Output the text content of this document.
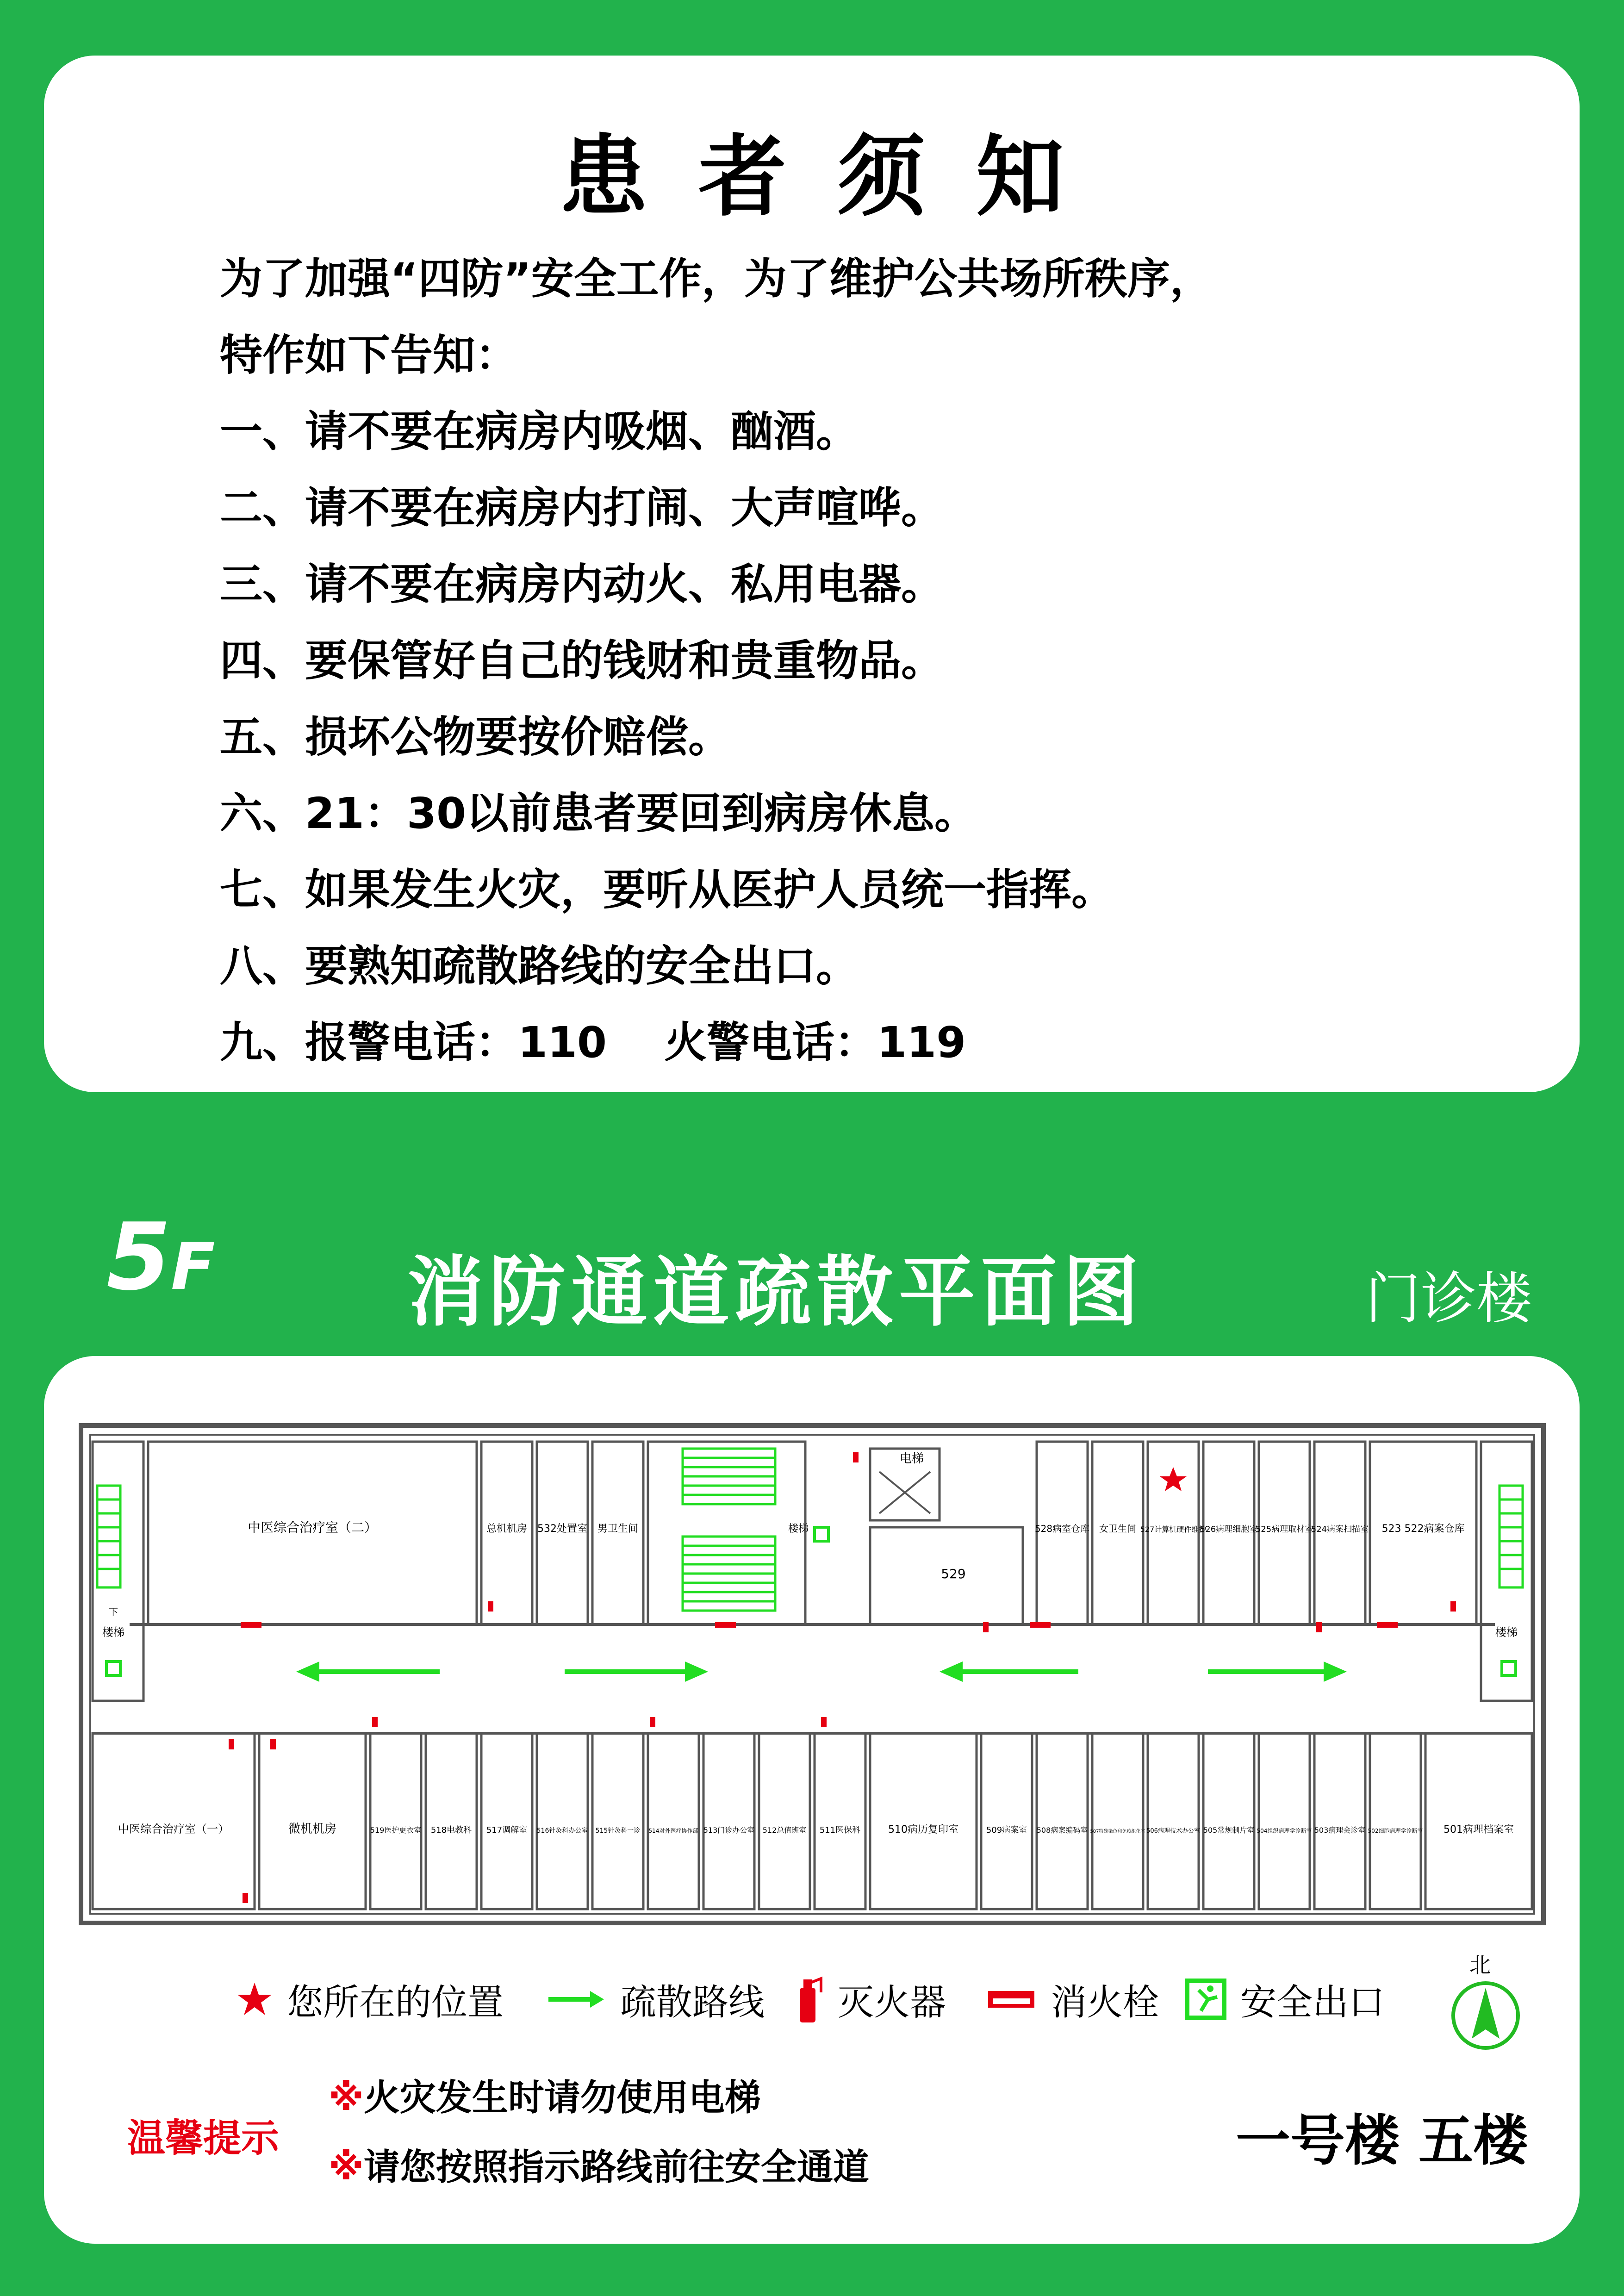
患者须知
为了加强“四防”安全工作，为了维护公共场所秩序，
特作如下告知：
一、请不要在病房内吸烟、酗酒。
二、请不要在病房内打闹、大声喧哗。
三、请不要在病房内动火、私用电器。
四、要保管好自己的钱财和贵重物品。
五、损坏公物要按价赔偿。
六、21：30以前患者要回到病房休息。
七、如果发生火灾，要听从医护人员统一指挥。
八、要熟知疏散路线的安全出口。
九、报警电话：110　 火警电话：119
5F	消防通道疏散平面图	门诊楼
中医综合治疗室（二）	总机机房 532处置室 男卫生间	楼梯
电梯
529
528病室仓库 女卫生间 527计算机硬件维护
526病理细胞室
525病理取材室
524病案扫描室 523 522病案仓库
中医综合治疗室（一）	微机机房	519医护更衣室 518电教科 517调解室 516针灸科办公室 515针灸科一诊 514对外医疗协作部 513门诊办公室 512总值班室 511医保科	510病历复印室	509病案室 508病案编码室 507特殊染色和免疫组化室 506病理技术办公室 505常规制片室 504组织病理学诊断室 503病理会诊室 502细胞病理学诊断室 501病理档案室
楼梯	楼梯
下
北
您所在的位置	疏散路线 灭火器	消火栓 安全出口
温馨提示
※火灾发生时请勿使用电梯
※请您按照指示路线前往安全通道	一号楼 五楼
